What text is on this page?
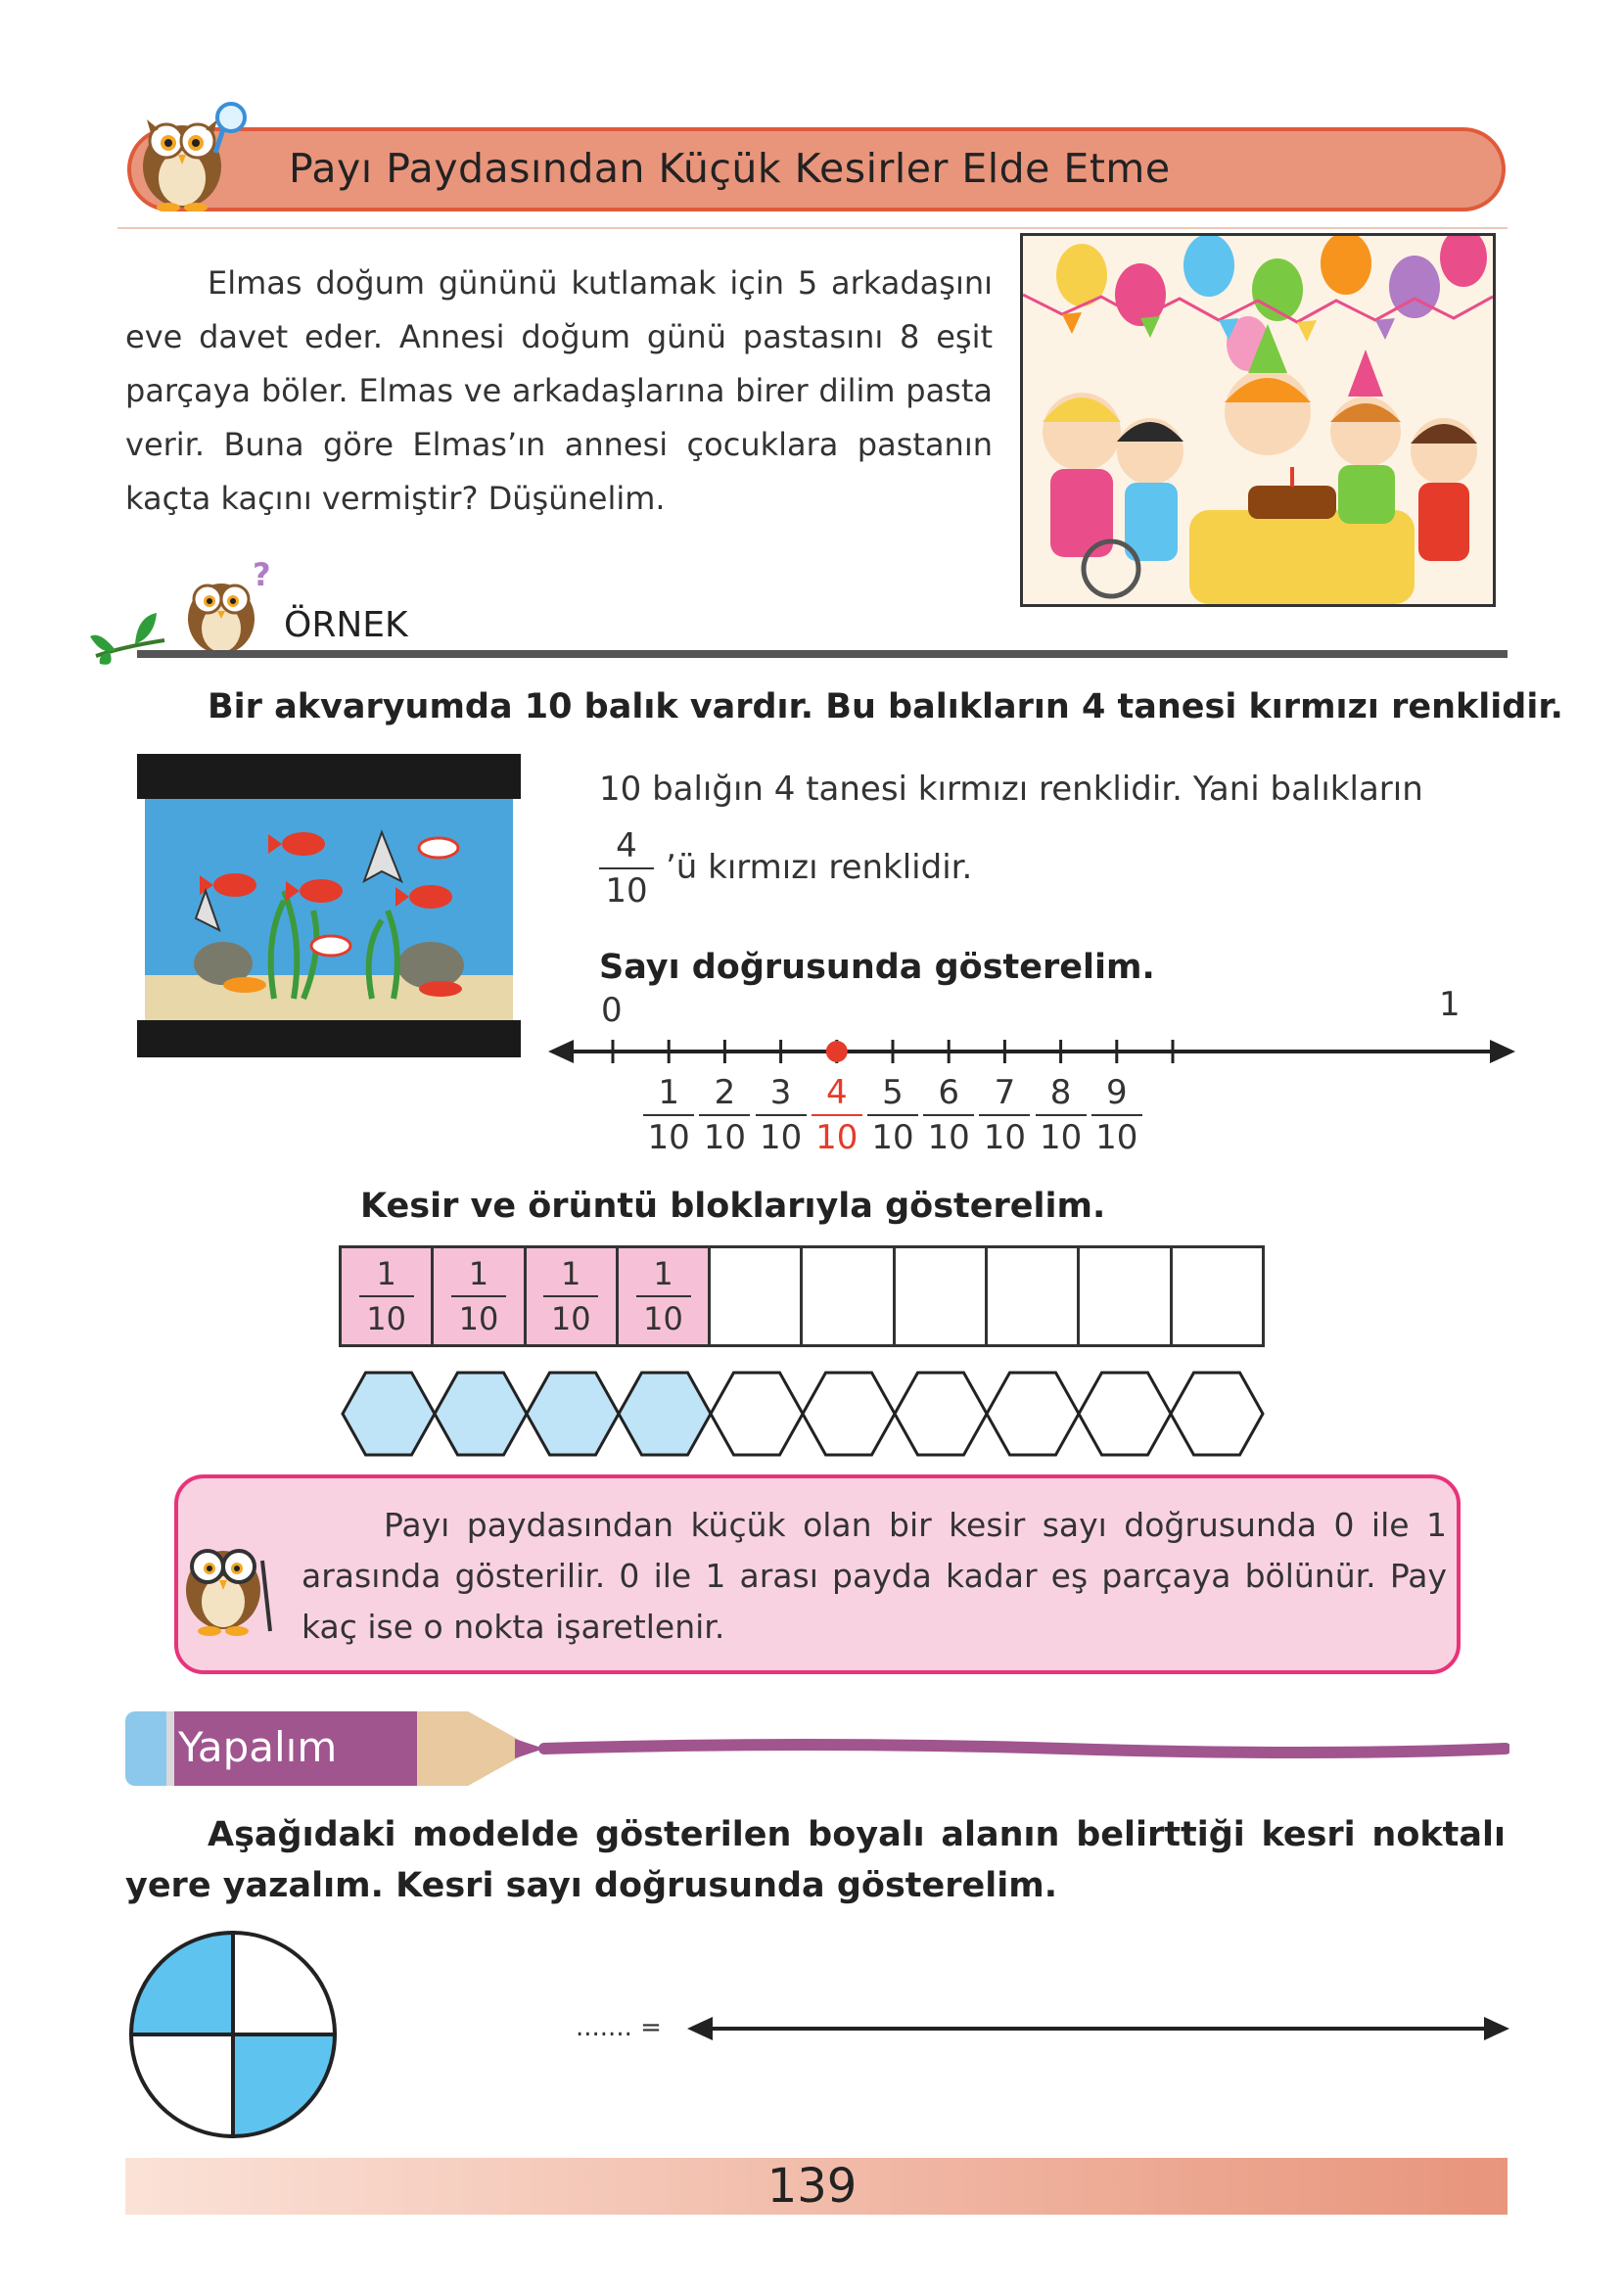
Payı Paydasından Küçük Kesirler Elde Etme
Elmas doğum gününü kutlamak için 5 arkadaşını eve davet eder. Annesi doğum günü pastasını 8 eşit parçaya böler. Elmas ve arkadaşlarına birer dilim pasta verir. Buna göre Elmas’ın annesi çocuklara pastanın kaçta kaçını vermiştir? Düşünelim.
?
ÖRNEK
Bir akvaryumda 10 balık vardır. Bu balıkların 4 tanesi kırmızı renklidir.
10 balığın 4 tanesi kırmızı renklidir. Yani balıkların
4
10
’ü kırmızı renklidir.
Sayı doğrusunda gösterelim.
0	1
1
10
2
10
3
10
4
10
5
10
6
10
7
10
8
10
9
10
Kesir ve örüntü bloklarıyla gösterelim.
1
10
1
10
1
10
1
10
Payı paydasından küçük olan bir kesir sayı doğrusunda 0 ile 1 arasında gösterilir. 0 ile 1 arası payda kadar eş parçaya bölünür. Pay kaç ise o nokta işaretlenir.
Yapalım
Aşağıdaki modelde gösterilen boyalı alanın belirttiği kesri noktalı yere yazalım. Kesri sayı doğrusunda gösterelim.
....... =
139
